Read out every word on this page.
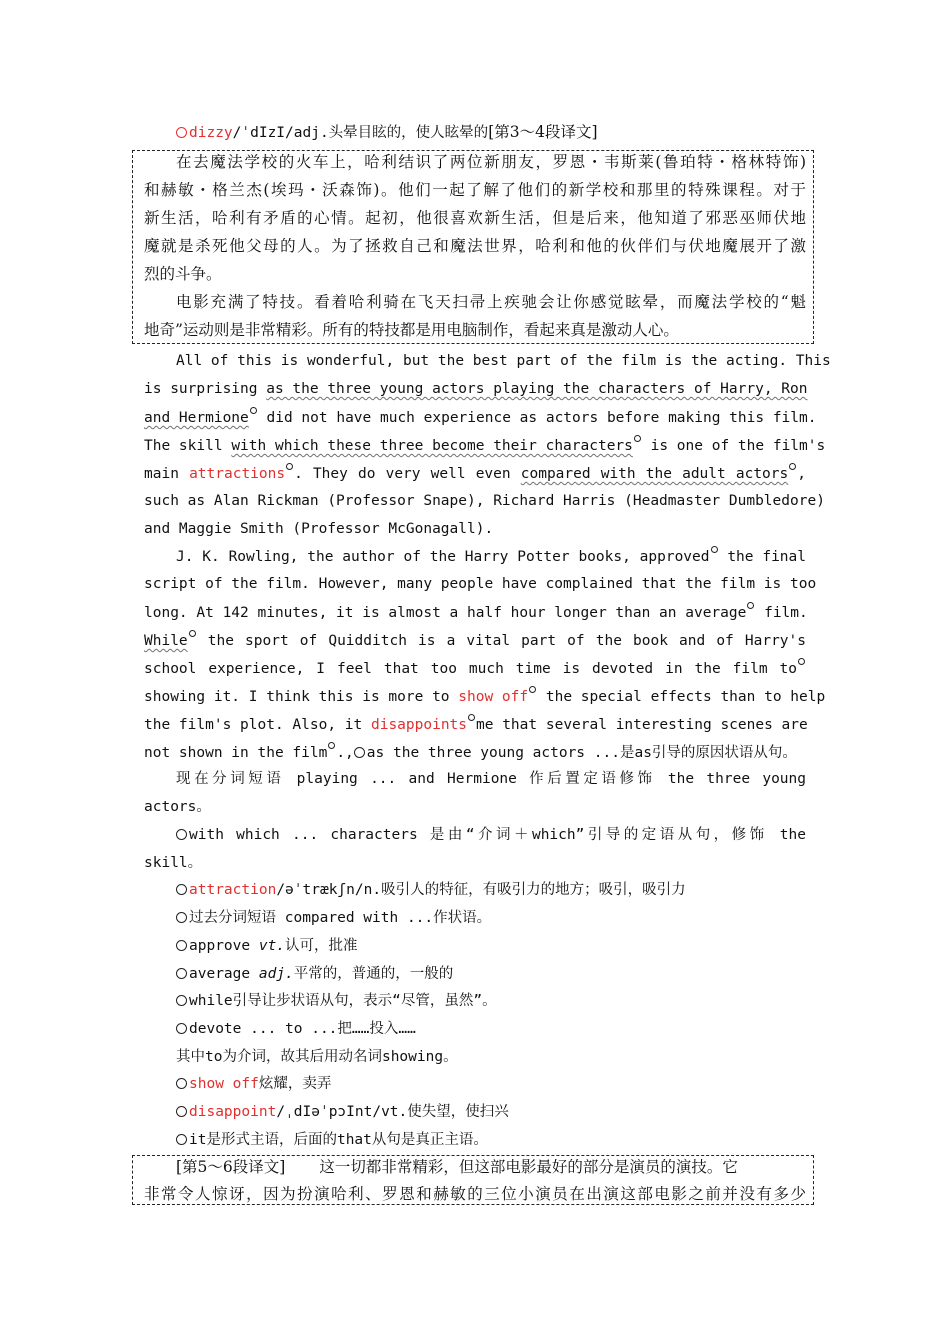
dizzy/ˈdIzI/adj.头晕目眩的，使人眩晕的[第3～4段译文]
在去魔法学校的火车上，哈利结识了两位新朋友，罗恩・韦斯莱(鲁珀特・格林特饰)
和赫敏・格兰杰(埃玛・沃森饰)。他们一起了解了他们的新学校和那里的特殊课程。对于
新生活，哈利有矛盾的心情。起初，他很喜欢新生活，但是后来，他知道了邪恶巫师伏地
魔就是杀死他父母的人。为了拯救自己和魔法世界，哈利和他的伙伴们与伏地魔展开了激
烈的斗争。
电影充满了特技。看着哈利骑在飞天扫帚上疾驰会让你感觉眩晕，而魔法学校的“魁
地奇”运动则是非常精彩。所有的特技都是用电脑制作，看起来真是激动人心。
All of this is wonderful, but the best part of the film is the acting. This
is surprising as the three young actors playing the characters of Harry, Ron
and Hermione did not have much experience as actors before making this film.
The skill with which these three become their characters is one of the film's
main attractions . They do very well even compared with the adult actors ,
such as Alan Rickman (Professor Snape), Richard Harris (Headmaster Dumbledore)
and Maggie Smith (Professor McGonagall).
J. K. Rowling, the author of the Harry Potter books, approved the final
script of the film. However, many people have complained that the film is too
long. At 142 minutes, it is almost a half hour longer than an average film.
While the sport of Quidditch is a vital part of the book and of Harry's
school experience, I feel that too much time is devoted in the film to
showing it. I think this is more to show off the special effects than to help
the film's plot. Also, it disappoints me that several interesting scenes are
not shown in the film ., as the three young actors ...是as引导的原因状语从句。
现在分词短语 playing ... and Hermione 作后置定语修饰 the three young
actors。
with which ... characters 是由“介词＋which”引导的定语从句，修饰 the
skill。
attraction/əˈtrækʃn/n.吸引人的特征，有吸引力的地方；吸引，吸引力
过去分词短语 compared with ...作状语。
approve vt.认可，批准
average adj.平常的，普通的，一般的
while引导让步状语从句，表示“尽管，虽然”。
devote ... to ...把……投入……
其中to为介词，故其后用动名词showing。
show off炫耀，卖弄
disappoint/ˌdIəˈpɔInt/vt.使失望，使扫兴
it是形式主语，后面的that从句是真正主语。
[第5～6段译文] 这一切都非常精彩，但这部电影最好的部分是演员的演技。它
非常令人惊讶，因为扮演哈利、罗恩和赫敏的三位小演员在出演这部电影之前并没有多少
